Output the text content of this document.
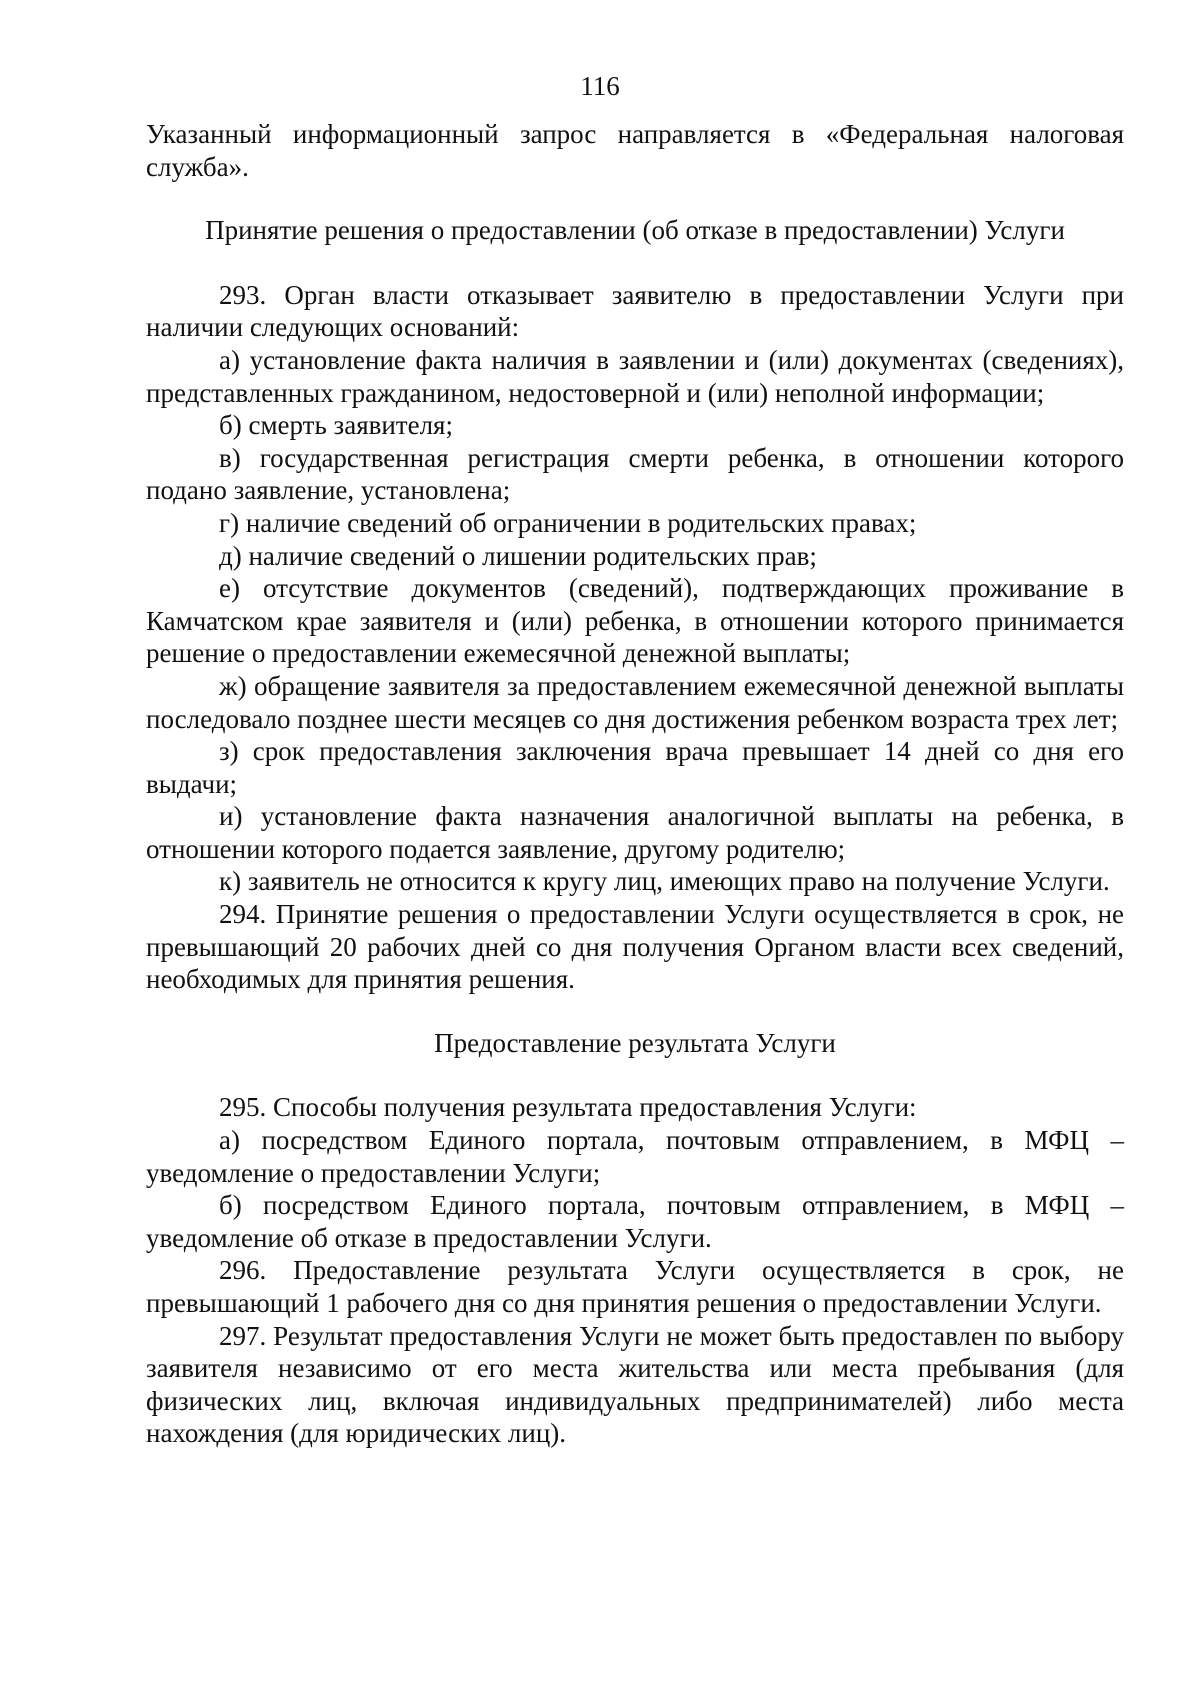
116

Указанный информационный запрос направляется в «Федеральная налоговая служба».

Принятие решения о предоставлении (об отказе в предоставлении) Услуги

293. Орган власти отказывает заявителю в предоставлении Услуги при наличии следующих оснований:

а) установление факта наличия в заявлении и (или) документах (сведениях), представленных гражданином, недостоверной и (или) неполной информации;

б) смерть заявителя;

в) государственная регистрация смерти ребенка, в отношении которого подано заявление, установлена;

г) наличие сведений об ограничении в родительских правах;

д) наличие сведений о лишении родительских прав;

е) отсутствие документов (сведений), подтверждающих проживание в Камчатском крае заявителя и (или) ребенка, в отношении которого принимается решение о предоставлении ежемесячной денежной выплаты;

ж) обращение заявителя за предоставлением ежемесячной денежной выплаты последовало позднее шести месяцев со дня достижения ребенком возраста трех лет;

з) срок предоставления заключения врача превышает 14 дней со дня его выдачи;

и) установление факта назначения аналогичной выплаты на ребенка, в отношении которого подается заявление, другому родителю;

к) заявитель не относится к кругу лиц, имеющих право на получение Услуги.

294. Принятие решения о предоставлении Услуги осуществляется в срок, не превышающий 20 рабочих дней со дня получения Органом власти всех сведений, необходимых для принятия решения.

Предоставление результата Услуги

295. Способы получения результата предоставления Услуги:

а) посредством Единого портала, почтовым отправлением, в МФЦ – уведомление о предоставлении Услуги;

б) посредством Единого портала, почтовым отправлением, в МФЦ – уведомление об отказе в предоставлении Услуги.

296. Предоставление результата Услуги осуществляется в срок, не превышающий 1 рабочего дня со дня принятия решения о предоставлении Услуги.

297. Результат предоставления Услуги не может быть предоставлен по выбору заявителя независимо от его места жительства или места пребывания (для физических лиц, включая индивидуальных предпринимателей) либо места нахождения (для юридических лиц).
